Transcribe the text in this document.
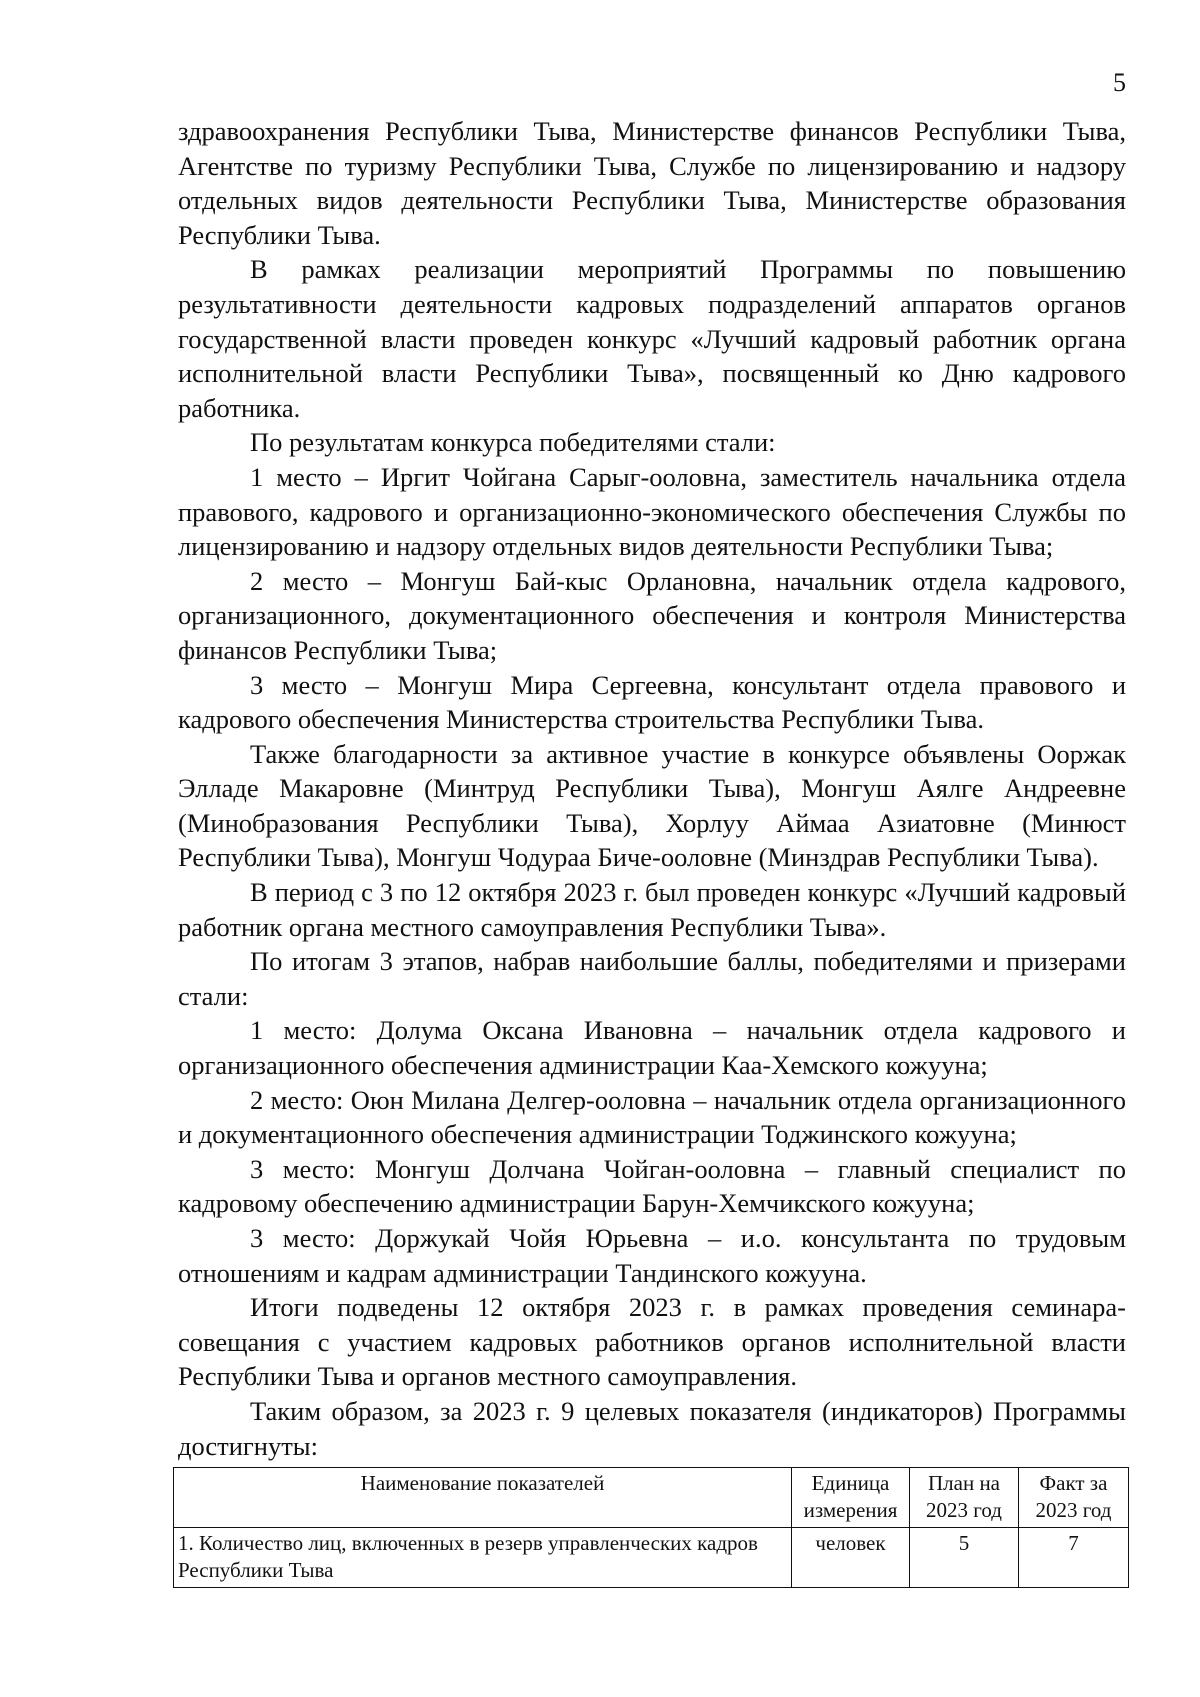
5

здравоохранения Республики Тыва, Министерстве финансов Республики Тыва, Агентстве по туризму Республики Тыва, Службе по лицензированию и надзору отдельных видов деятельности Республики Тыва, Министерстве образования Республики Тыва.

В рамках реализации мероприятий Программы по повышению результативности деятельности кадровых подразделений аппаратов органов государственной власти проведен конкурс «Лучший кадровый работник органа исполнительной власти Республики Тыва», посвященный ко Дню кадрового работника.

По результатам конкурса победителями стали:

1 место – Иргит Чойгана Сарыг-ооловна, заместитель начальника отдела правового, кадрового и организационно-экономического обеспечения Службы по лицензированию и надзору отдельных видов деятельности Республики Тыва;

2 место – Монгуш Бай-кыс Орлановна, начальник отдела кадрового, организационного, документационного обеспечения и контроля Министерства финансов Республики Тыва;

3 место – Монгуш Мира Сергеевна, консультант отдела правового и кадрового обеспечения Министерства строительства Республики Тыва.

Также благодарности за активное участие в конкурсе объявлены Ооржак Элладе Макаровне (Минтруд Республики Тыва), Монгуш Аялге Андреевне (Минобразования Республики Тыва), Хорлуу Аймаа Азиатовне (Минюст Республики Тыва), Монгуш Чодураа Биче-ооловне (Минздрав Республики Тыва).

В период с 3 по 12 октября 2023 г. был проведен конкурс «Лучший кадровый работник органа местного самоуправления Республики Тыва».

По итогам 3 этапов, набрав наибольшие баллы, победителями и призерами стали:

1 место: Долума Оксана Ивановна – начальник отдела кадрового и организационного обеспечения администрации Каа-Хемского кожууна;

2 место: Оюн Милана Делгер-ооловна – начальник отдела организационного и документационного обеспечения администрации Тоджинского кожууна;

3 место: Монгуш Долчана Чойган-ооловна – главный специалист по кадровому обеспечению администрации Барун-Хемчикского кожууна;

3 место: Доржукай Чойя Юрьевна – и.о. консультанта по трудовым отношениям и кадрам администрации Тандинского кожууна.

Итоги подведены 12 октября 2023 г. в рамках проведения семинара-совещания с участием кадровых работников органов исполнительной власти Республики Тыва и органов местного самоуправления.

Таким образом, за 2023 г. 9 целевых показателя (индикаторов) Программы достигнуты:

Наименование показателей	Единица измерения	План на 2023 год	Факт за 2023 год
1. Количество лиц, включенных в резерв управленческих кадров Республики Тыва	человек	5	7
